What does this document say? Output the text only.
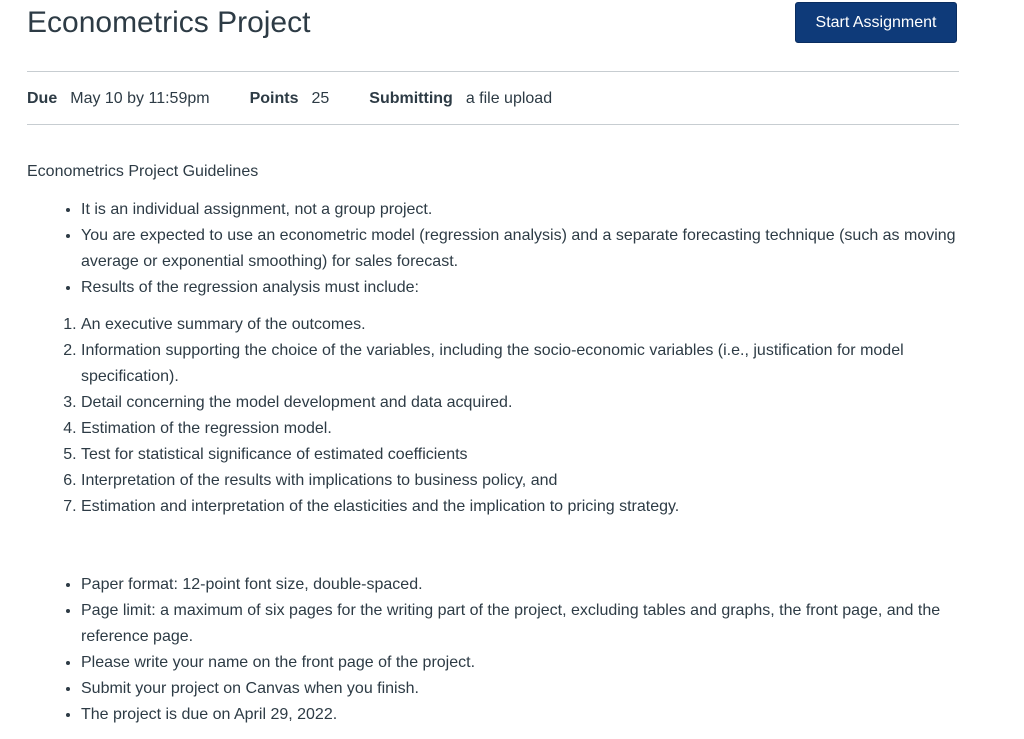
Econometrics Project	Start Assignment
Due May 10 by 11:59pm	Points 25	Submitting a file upload

Econometrics Project Guidelines

• It is an individual assignment, not a group project.
• You are expected to use an econometric model (regression analysis) and a separate forecasting technique (such as moving average or exponential smoothing) for sales forecast.
• Results of the regression analysis must include:
1. An executive summary of the outcomes.
2. Information supporting the choice of the variables, including the socio-economic variables (i.e., justification for model specification).
3. Detail concerning the model development and data acquired.
4. Estimation of the regression model.
5. Test for statistical significance of estimated coefficients
6. Interpretation of the results with implications to business policy, and
7. Estimation and interpretation of the elasticities and the implication to pricing strategy.
• Paper format: 12-point font size, double-spaced.
• Page limit: a maximum of six pages for the writing part of the project, excluding tables and graphs, the front page, and the reference page.
• Please write your name on the front page of the project.
• Submit your project on Canvas when you finish.
• The project is due on April 29, 2022.
